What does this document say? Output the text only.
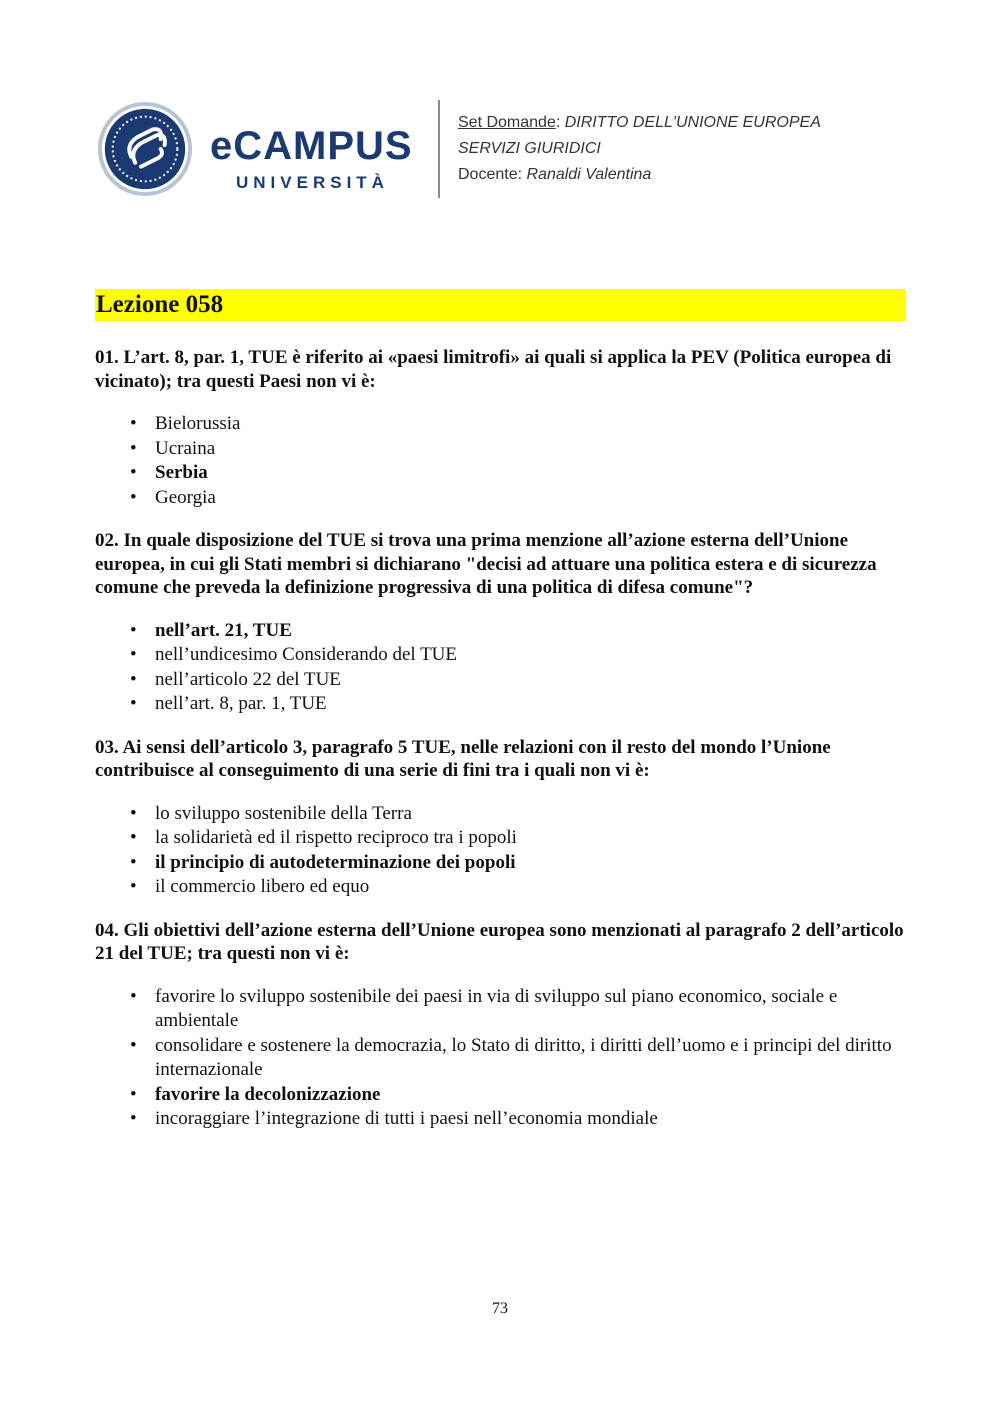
eCAMPUS
UNIVERSITÀ
Set Domande: DIRITTO DELL'UNIONE EUROPEA
SERVIZI GIURIDICI
Docente: Ranaldi Valentina
Lezione 058

01. L’art. 8, par. 1, TUE è riferito ai «paesi limitrofi» ai quali si applica la PEV (Politica europea di vicinato); tra questi Paesi non vi è:

• Bielorussia
• Ucraina
• Serbia
• Georgia

02. In quale disposizione del TUE si trova una prima menzione all’azione esterna dell’Unione europea, in cui gli Stati membri si dichiarano "decisi ad attuare una politica estera e di sicurezza comune che preveda la definizione progressiva di una politica di difesa comune"?

• nell’art. 21, TUE
• nell’undicesimo Considerando del TUE
• nell’articolo 22 del TUE
• nell’art. 8, par. 1, TUE

03. Ai sensi dell’articolo 3, paragrafo 5 TUE, nelle relazioni con il resto del mondo l’Unione contribuisce al conseguimento di una serie di fini tra i quali non vi è:

• lo sviluppo sostenibile della Terra
• la solidarietà ed il rispetto reciproco tra i popoli
• il principio di autodeterminazione dei popoli
• il commercio libero ed equo

04. Gli obiettivi dell’azione esterna dell’Unione europea sono menzionati al paragrafo 2 dell’articolo 21 del TUE; tra questi non vi è:

• favorire lo sviluppo sostenibile dei paesi in via di sviluppo sul piano economico, sociale e ambientale
• consolidare e sostenere la democrazia, lo Stato di diritto, i diritti dell’uomo e i principi del diritto internazionale
• favorire la decolonizzazione
• incoraggiare l’integrazione di tutti i paesi nell’economia mondiale
73
